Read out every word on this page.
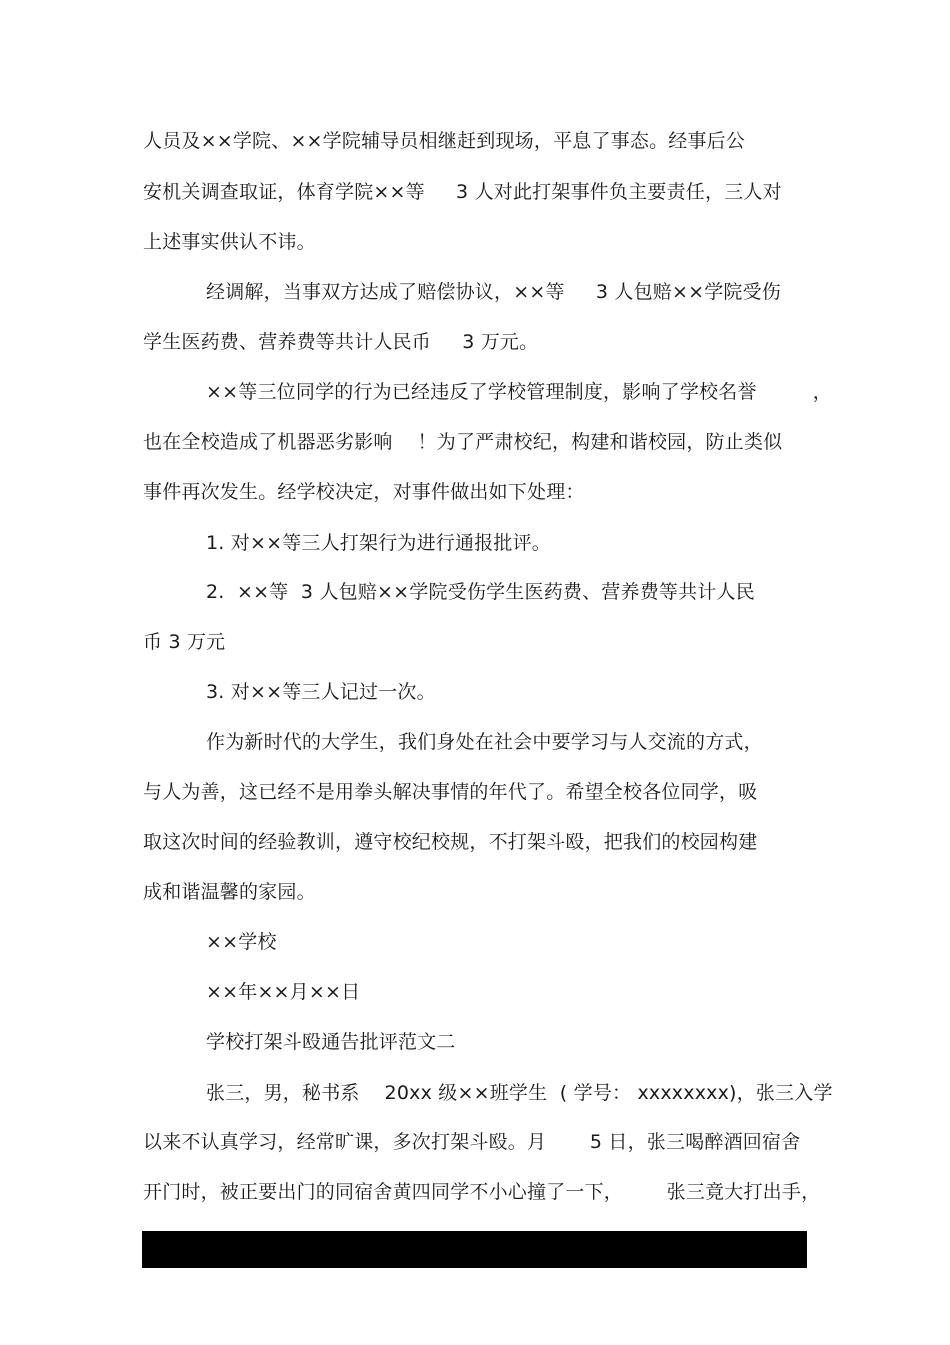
人员及××学院、××学院辅导员相继赶到现场，平息了事态。经事后公
安机关调查取证，体育学院××等     3 人对此打架事件负主要责任，三人对
上述事实供认不讳。
经调解，当事双方达成了赔偿协议，××等     3 人包赔××学院受伤
学生医药费、营养费等共计人民币     3 万元。
××等三位同学的行为已经违反了学校管理制度，影响了学校名誉         ，
也在全校造成了机器恶劣影响    ！为了严肃校纪，构建和谐校园，防止类似
事件再次发生。经学校决定，对事件做出如下处理：
1. 对××等三人打架行为进行通报批评。
2.  ××等  3 人包赔××学院受伤学生医药费、营养费等共计人民
币 3 万元
3. 对××等三人记过一次。
作为新时代的大学生，我们身处在社会中要学习与人交流的方式，
与人为善，这已经不是用拳头解决事情的年代了。希望全校各位同学，吸
取这次时间的经验教训，遵守校纪校规，不打架斗殴，把我们的校园构建
成和谐温馨的家园。
××学校
××年××月××日
学校打架斗殴通告批评范文二
张三，男，秘书系    20xx 级××班学生  ( 学号： xxxxxxxx)，张三入学
以来不认真学习，经常旷课，多次打架斗殴。月       5 日，张三喝醉酒回宿舍
开门时，被正要出门的同宿舍黄四同学不小心撞了一下，       张三竟大打出手，
